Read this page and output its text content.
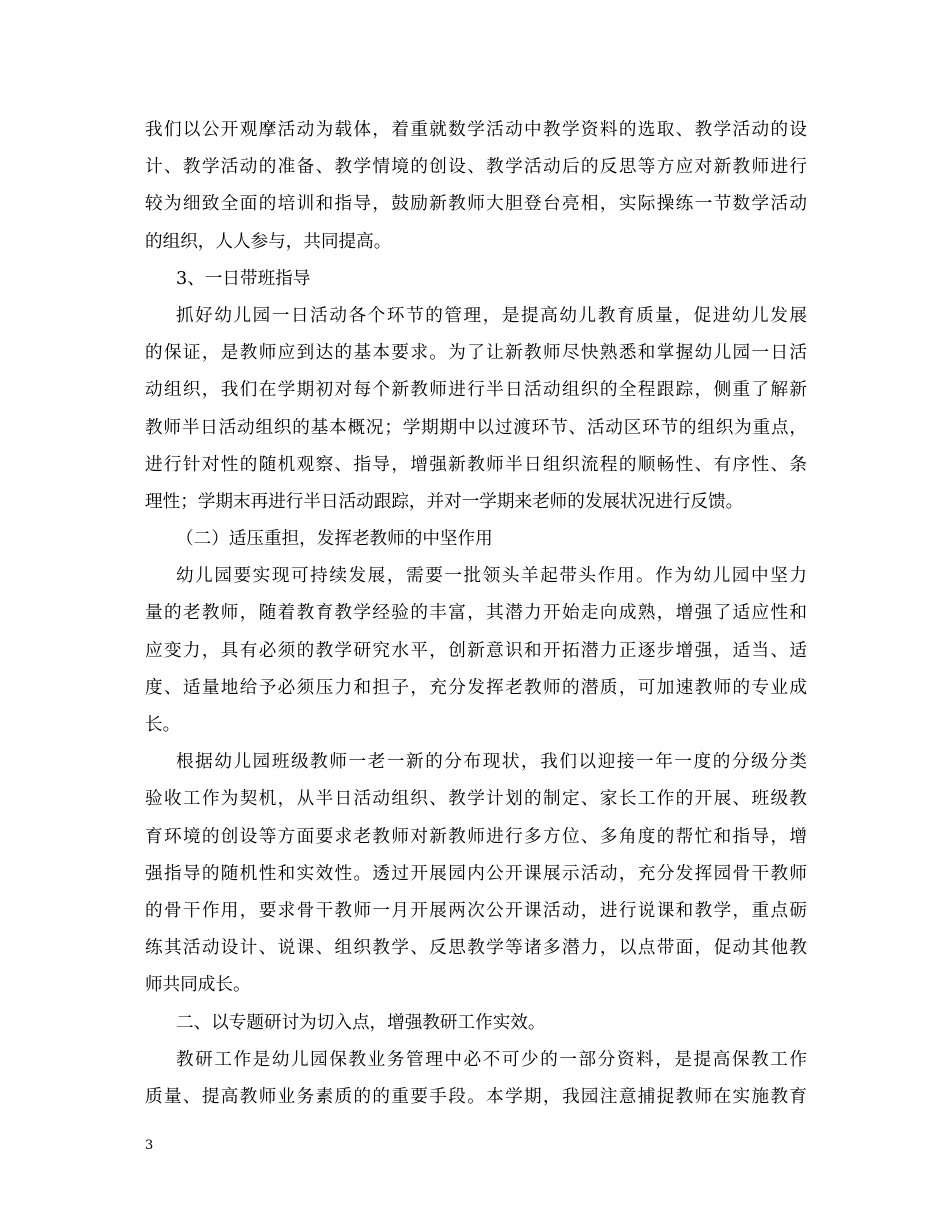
我们以公开观摩活动为载体，着重就数学活动中教学资料的选取、教学活动的设
计、教学活动的准备、教学情境的创设、教学活动后的反思等方应对新教师进行
较为细致全面的培训和指导，鼓励新教师大胆登台亮相，实际操练一节数学活动
的组织，人人参与，共同提高。
3、一日带班指导
抓好幼儿园一日活动各个环节的管理，是提高幼儿教育质量，促进幼儿发展
的保证，是教师应到达的基本要求。为了让新教师尽快熟悉和掌握幼儿园一日活
动组织，我们在学期初对每个新教师进行半日活动组织的全程跟踪，侧重了解新
教师半日活动组织的基本概况；学期期中以过渡环节、活动区环节的组织为重点，
进行针对性的随机观察、指导，增强新教师半日组织流程的顺畅性、有序性、条
理性；学期末再进行半日活动跟踪，并对一学期来老师的发展状况进行反馈。
（二）适压重担，发挥老教师的中坚作用
幼儿园要实现可持续发展，需要一批领头羊起带头作用。作为幼儿园中坚力
量的老教师，随着教育教学经验的丰富，其潜力开始走向成熟，增强了适应性和
应变力，具有必须的教学研究水平，创新意识和开拓潜力正逐步增强，适当、适
度、适量地给予必须压力和担子，充分发挥老教师的潜质，可加速教师的专业成
长。
根据幼儿园班级教师一老一新的分布现状，我们以迎接一年一度的分级分类
验收工作为契机，从半日活动组织、教学计划的制定、家长工作的开展、班级教
育环境的创设等方面要求老教师对新教师进行多方位、多角度的帮忙和指导，增
强指导的随机性和实效性。透过开展园内公开课展示活动，充分发挥园骨干教师
的骨干作用，要求骨干教师一月开展两次公开课活动，进行说课和教学，重点砺
练其活动设计、说课、组织教学、反思教学等诸多潜力，以点带面，促动其他教
师共同成长。
二、以专题研讨为切入点，增强教研工作实效。
教研工作是幼儿园保教业务管理中必不可少的一部分资料，是提高保教工作
质量、提高教师业务素质的的重要手段。本学期，我园注意捕捉教师在实施教育
3
